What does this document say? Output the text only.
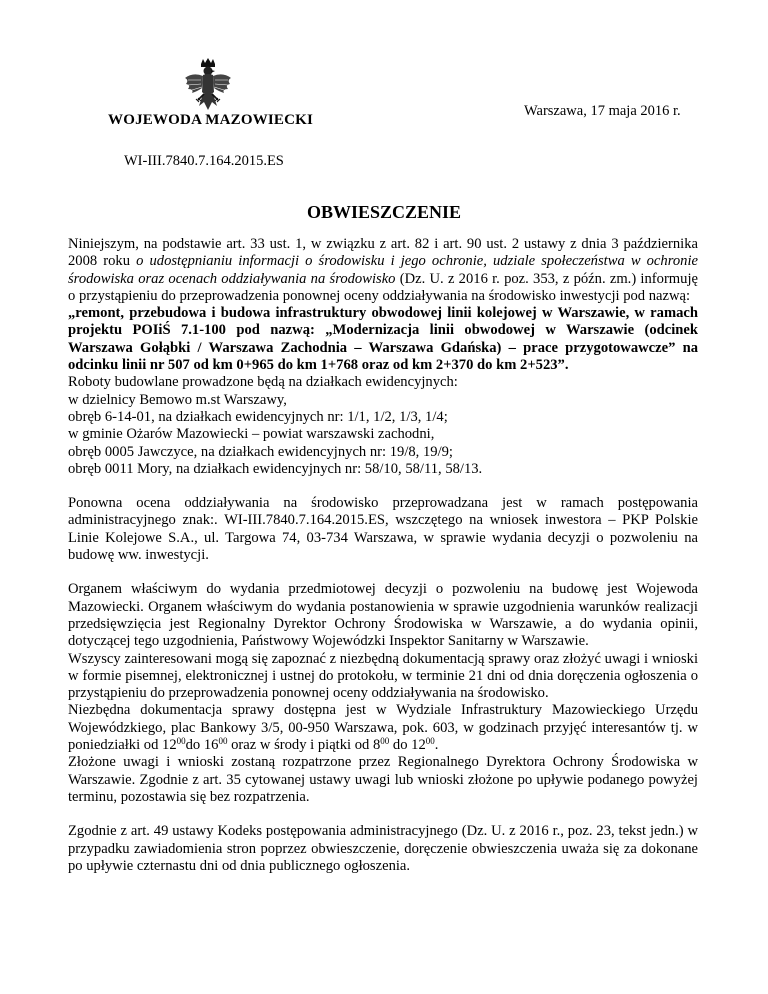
WOJEWODA MAZOWIECKI
Warszawa, 17 maja 2016 r.
WI-III.7840.7.164.2015.ES
OBWIESZCZENIE

Niniejszym, na podstawie art. 33 ust. 1, w związku z art. 82 i art. 90 ust. 2 ustawy z dnia 3 października 2008 roku o udostępnianiu informacji o środowisku i jego ochronie, udziale społeczeństwa w ochronie środowiska oraz ocenach oddziaływania na środowisko (Dz. U. z 2016 r. poz. 353, z późn. zm.) informuję o przystąpieniu do przeprowadzenia ponownej oceny oddziaływania na środowisko inwestycji pod nazwą:

„remont, przebudowa i budowa infrastruktury obwodowej linii kolejowej w Warszawie, w ramach projektu POIiŚ 7.1-100 pod nazwą: „Modernizacja linii obwodowej w Warszawie (odcinek Warszawa Gołąbki / Warszawa Zachodnia – Warszawa Gdańska) – prace przygotowawcze” na odcinku linii nr 507 od km 0+965 do km 1+768 oraz od km 2+370 do km 2+523”.

Roboty budowlane prowadzone będą na działkach ewidencyjnych:

w dzielnicy Bemowo m.st Warszawy,

obręb 6-14-01, na działkach ewidencyjnych nr: 1/1, 1/2, 1/3, 1/4;

w gminie Ożarów Mazowiecki – powiat warszawski zachodni,

obręb 0005 Jawczyce, na działkach ewidencyjnych nr: 19/8, 19/9;

obręb 0011 Mory, na działkach ewidencyjnych nr: 58/10, 58/11, 58/13.

Ponowna ocena oddziaływania na środowisko przeprowadzana jest w ramach postępowania administracyjnego znak:. WI-III.7840.7.164.2015.ES, wszczętego na wniosek inwestora – PKP Polskie Linie Kolejowe S.A., ul. Targowa 74, 03-734 Warszawa, w sprawie wydania decyzji o pozwoleniu na budowę ww. inwestycji.

Organem właściwym do wydania przedmiotowej decyzji o pozwoleniu na budowę jest Wojewoda Mazowiecki. Organem właściwym do wydania postanowienia w sprawie uzgodnienia warunków realizacji przedsięwzięcia jest Regionalny Dyrektor Ochrony Środowiska w Warszawie, a do wydania opinii, dotyczącej tego uzgodnienia, Państwowy Wojewódzki Inspektor Sanitarny w Warszawie.

Wszyscy zainteresowani mogą się zapoznać z niezbędną dokumentacją sprawy oraz złożyć uwagi i wnioski w formie pisemnej, elektronicznej i ustnej do protokołu, w terminie 21 dni od dnia doręczenia ogłoszenia o przystąpieniu do przeprowadzenia ponownej oceny oddziaływania na środowisko.

Niezbędna dokumentacja sprawy dostępna jest w Wydziale Infrastruktury Mazowieckiego Urzędu Wojewódzkiego, plac Bankowy 3/5, 00-950 Warszawa, pok. 603, w godzinach przyjęć interesantów tj. w poniedziałki od $12^{00}do$ $16^{00}$ oraz w środy i piątki od $8^{00}$ do $12^{00}$.

Złożone uwagi i wnioski zostaną rozpatrzone przez Regionalnego Dyrektora Ochrony Środowiska w Warszawie. Zgodnie z art. 35 cytowanej ustawy uwagi lub wnioski złożone po upływie podanego powyżej terminu, pozostawia się bez rozpatrzenia.

Zgodnie z art. 49 ustawy Kodeks postępowania administracyjnego (Dz. U. z 2016 r., poz. 23, tekst jedn.) w przypadku zawiadomienia stron poprzez obwieszczenie, doręczenie obwieszczenia uważa się za dokonane po upływie czternastu dni od dnia publicznego ogłoszenia.
